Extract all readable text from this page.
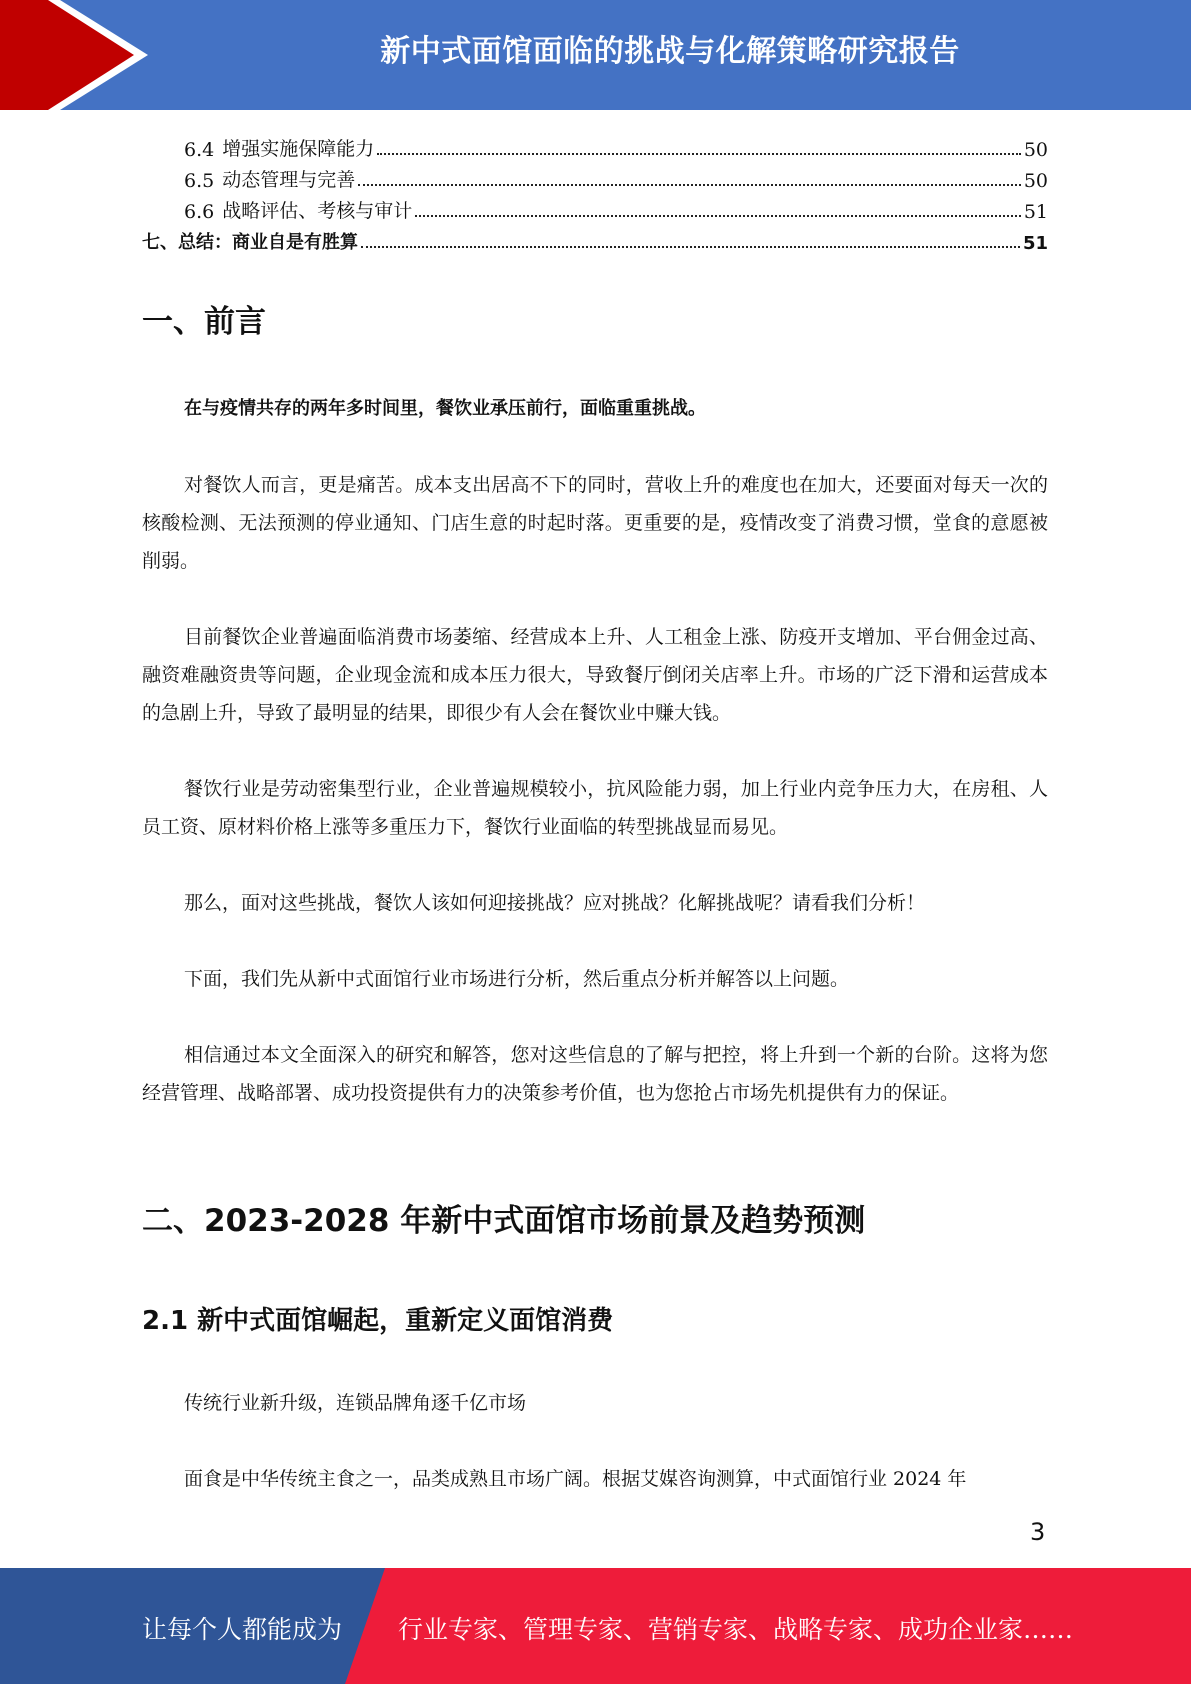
新中式面馆面临的挑战与化解策略研究报告
6.4 增强实施保障能力	50
6.5 动态管理与完善	50
6.6 战略评估、考核与审计	51
七、总结：商业自是有胜算	51
一、前言

在与疫情共存的两年多时间里，餐饮业承压前行，面临重重挑战。

对餐饮人而言，更是痛苦。成本支出居高不下的同时，营收上升的难度也在加大，还要面对每天一次的核酸检测、无法预测的停业通知、门店生意的时起时落。更重要的是，疫情改变了消费习惯，堂食的意愿被削弱。

目前餐饮企业普遍面临消费市场萎缩、经营成本上升、人工租金上涨、防疫开支增加、平台佣金过高、融资难融资贵等问题，企业现金流和成本压力很大，导致餐厅倒闭关店率上升。市场的广泛下滑和运营成本的急剧上升，导致了最明显的结果，即很少有人会在餐饮业中赚大钱。

餐饮行业是劳动密集型行业，企业普遍规模较小，抗风险能力弱，加上行业内竞争压力大，在房租、人员工资、原材料价格上涨等多重压力下，餐饮行业面临的转型挑战显而易见。

那么，面对这些挑战，餐饮人该如何迎接挑战？应对挑战？化解挑战呢？请看我们分析！

下面，我们先从新中式面馆行业市场进行分析，然后重点分析并解答以上问题。

相信通过本文全面深入的研究和解答，您对这些信息的了解与把控，将上升到一个新的台阶。这将为您经营管理、战略部署、成功投资提供有力的决策参考价值，也为您抢占市场先机提供有力的保证。

二、2023-2028 年新中式面馆市场前景及趋势预测
2.1 新中式面馆崛起，重新定义面馆消费

传统行业新升级，连锁品牌角逐千亿市场

面食是中华传统主食之一，品类成熟且市场广阔。根据艾媒咨询测算，中式面馆行业 2024 年

3
让每个人都能成为 行业专家、管理专家、营销专家、战略专家、成功企业家……
